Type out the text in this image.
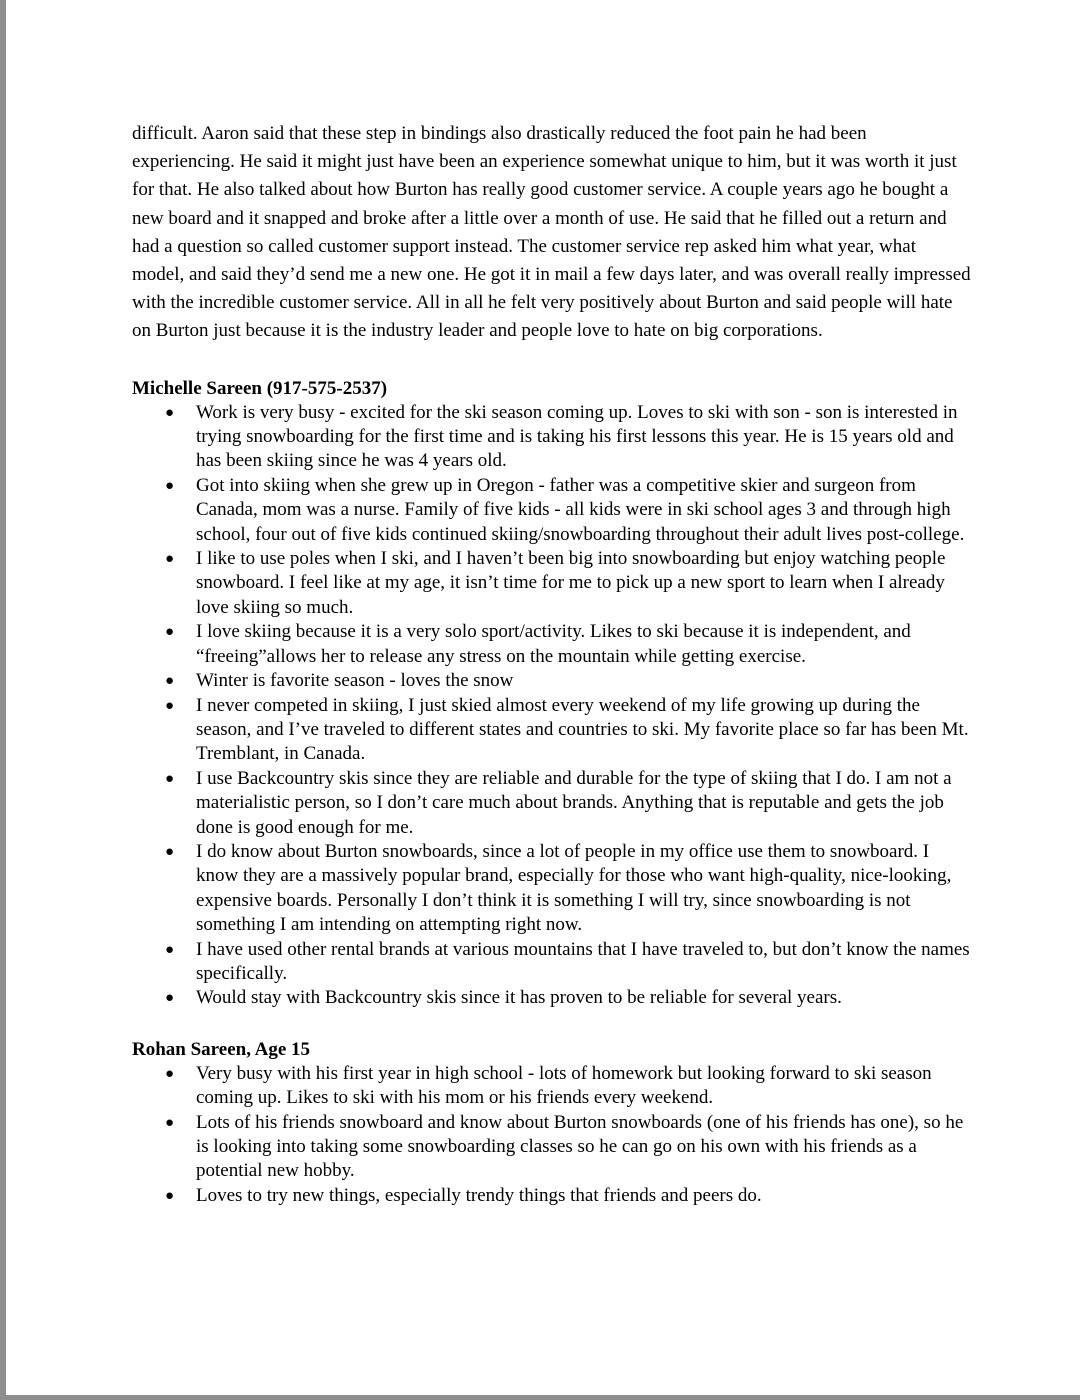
difficult. Aaron said that these step in bindings also drastically reduced the foot pain he had been experiencing. He said it might just have been an experience somewhat unique to him, but it was worth it just for that. He also talked about how Burton has really good customer service. A couple years ago he bought a new board and it snapped and broke after a little over a month of use. He said that he filled out a return and had a question so called customer support instead. The customer service rep asked him what year, what model, and said they’d send me a new one. He got it in mail a few days later, and was overall really impressed with the incredible customer service. All in all he felt very positively about Burton and said people will hate on Burton just because it is the industry leader and people love to hate on big corporations.

Michelle Sareen (917-575-2537)
● Work is very busy - excited for the ski season coming up. Loves to ski with son - son is interested in trying snowboarding for the first time and is taking his first lessons this year. He is 15 years old and has been skiing since he was 4 years old.
● Got into skiing when she grew up in Oregon - father was a competitive skier and surgeon from Canada, mom was a nurse. Family of five kids - all kids were in ski school ages 3 and through high school, four out of five kids continued skiing/snowboarding throughout their adult lives post-college.
● I like to use poles when I ski, and I haven’t been big into snowboarding but enjoy watching people snowboard. I feel like at my age, it isn’t time for me to pick up a new sport to learn when I already love skiing so much.
● I love skiing because it is a very solo sport/activity. Likes to ski because it is independent, and “freeing”allows her to release any stress on the mountain while getting exercise.
● Winter is favorite season - loves the snow
● I never competed in skiing, I just skied almost every weekend of my life growing up during the season, and I’ve traveled to different states and countries to ski. My favorite place so far has been Mt. Tremblant, in Canada.
● I use Backcountry skis since they are reliable and durable for the type of skiing that I do. I am not a materialistic person, so I don’t care much about brands. Anything that is reputable and gets the job done is good enough for me.
● I do know about Burton snowboards, since a lot of people in my office use them to snowboard. I know they are a massively popular brand, especially for those who want high-quality, nice-looking, expensive boards. Personally I don’t think it is something I will try, since snowboarding is not something I am intending on attempting right now.
● I have used other rental brands at various mountains that I have traveled to, but don’t know the names specifically.
● Would stay with Backcountry skis since it has proven to be reliable for several years.
Rohan Sareen, Age 15
● Very busy with his first year in high school - lots of homework but looking forward to ski season coming up. Likes to ski with his mom or his friends every weekend.
● Lots of his friends snowboard and know about Burton snowboards (one of his friends has one), so he is looking into taking some snowboarding classes so he can go on his own with his friends as a potential new hobby.
● Loves to try new things, especially trendy things that friends and peers do.
